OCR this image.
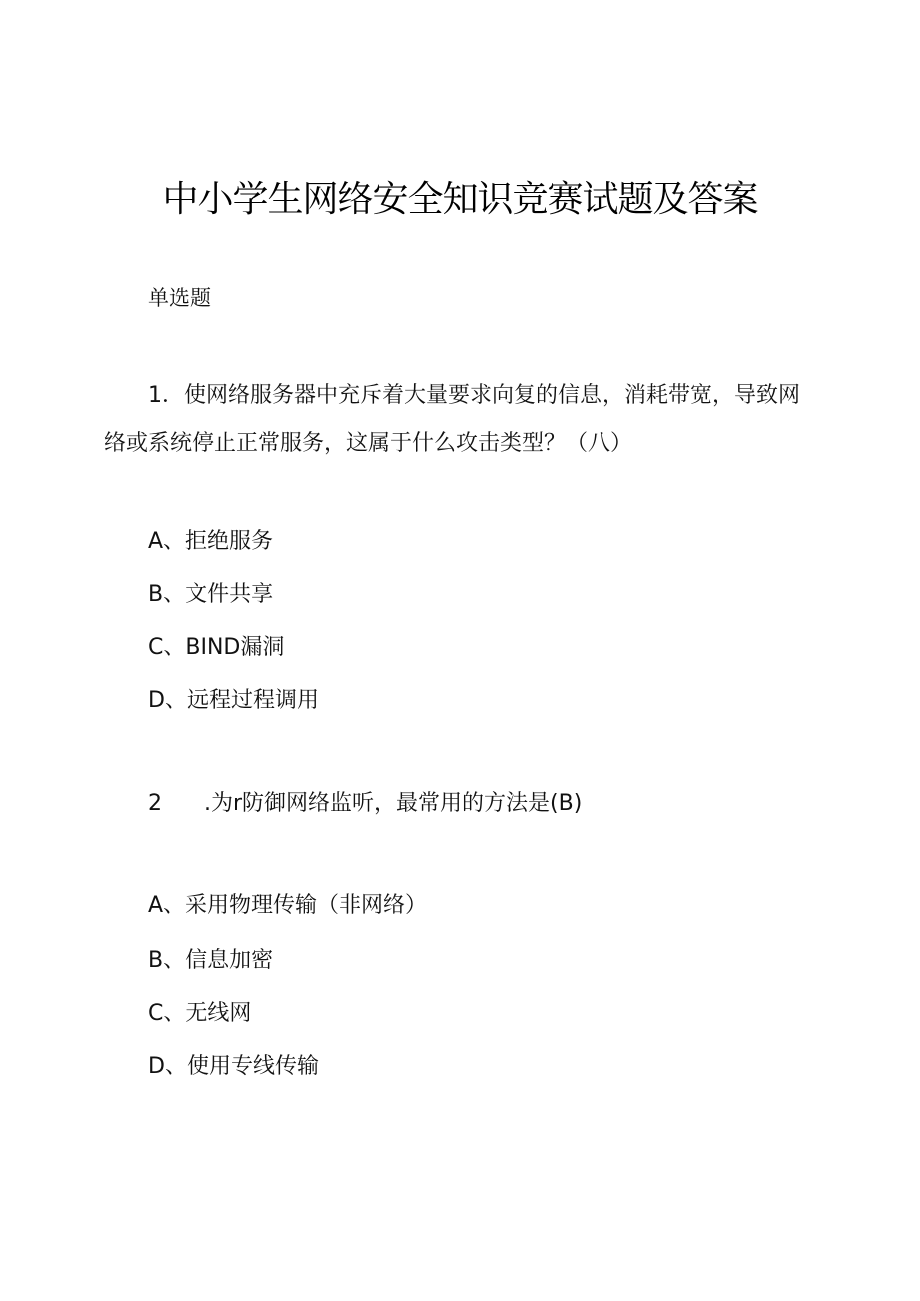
中小学生网络安全知识竞赛试题及答案
单选题
1．使网络服务器中充斥着大量要求向复的信息，消耗带宽，导致网络或系统停止正常服务，这属于什么攻击类型？（八）
A、拒绝服务
B、文件共享
C、BIND漏洞
D、远程过程调用
2 .为r防御网络监听，最常用的方法是(B)
A、采用物理传输（非网络）
B、信息加密
C、无线网
D、使用专线传输
